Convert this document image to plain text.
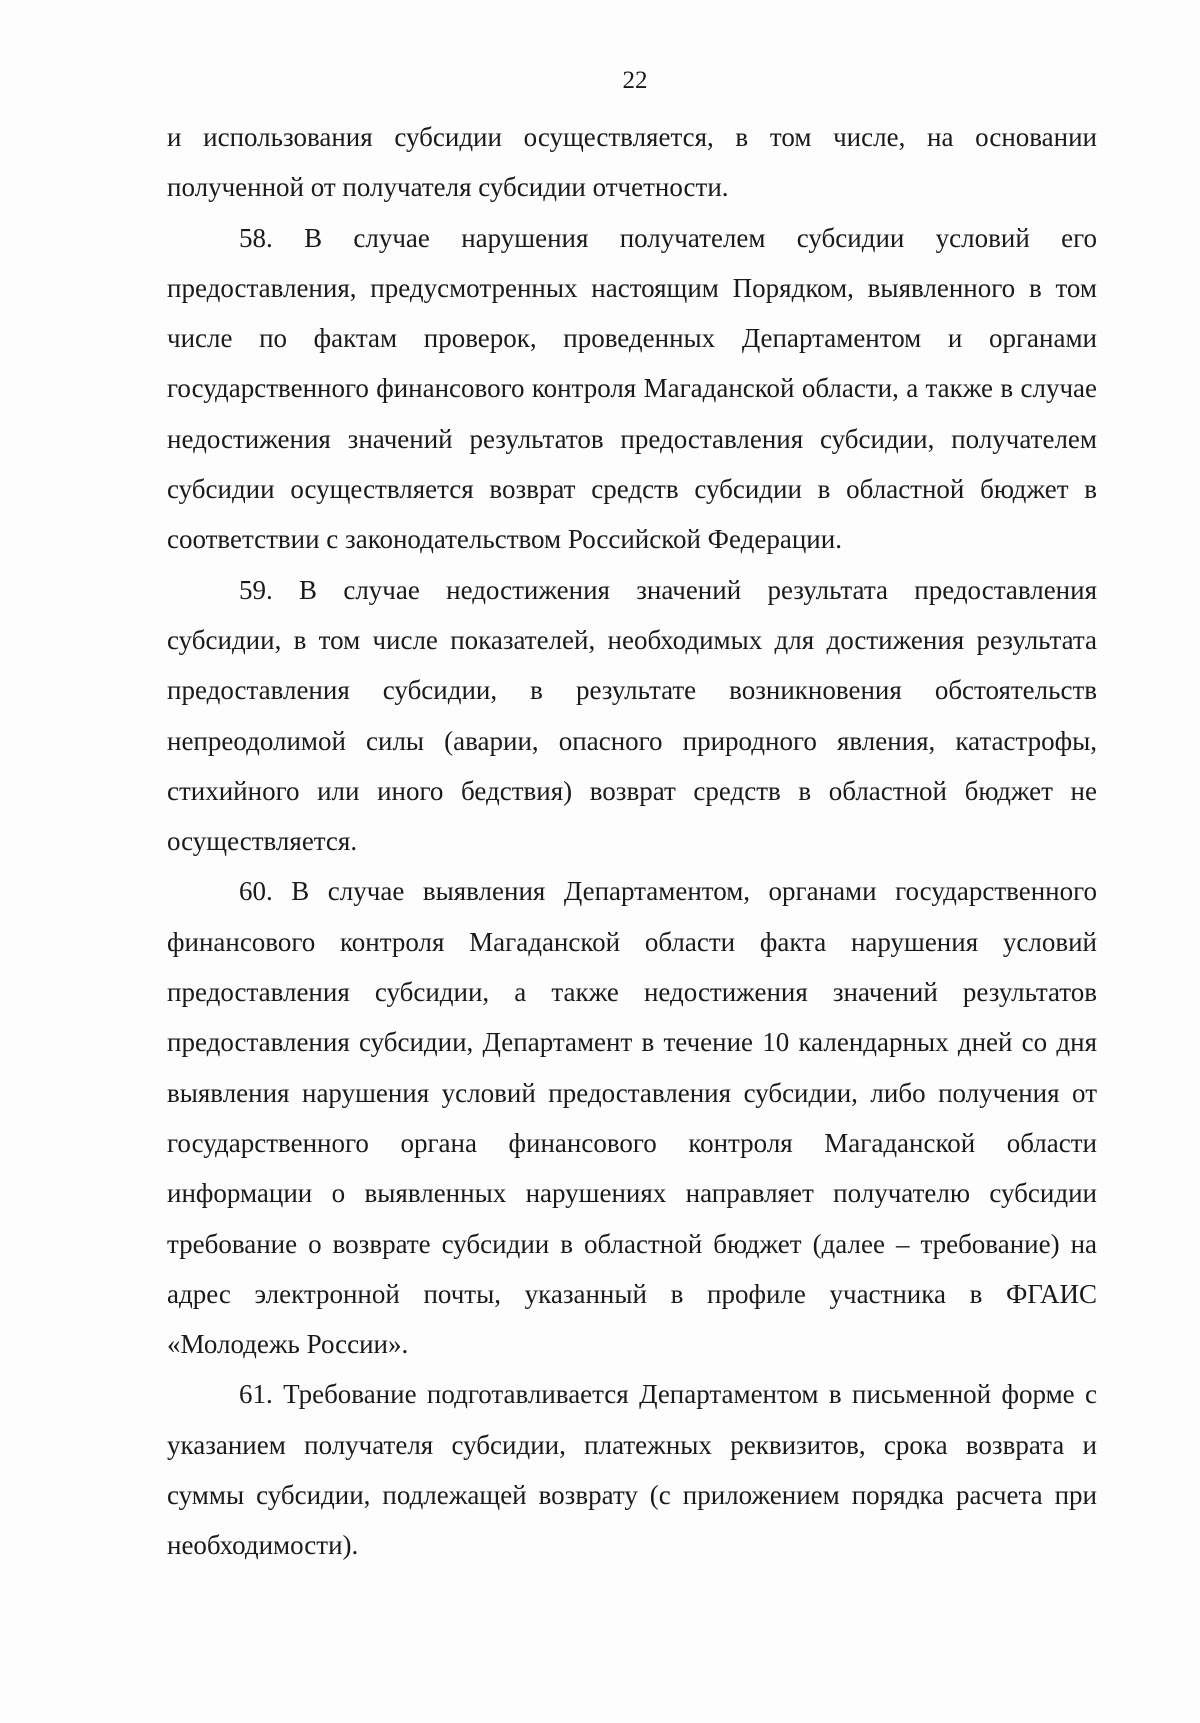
22

и использования субсидии осуществляется, в том числе, на основании полученной от получателя субсидии отчетности.

58. В случае нарушения получателем субсидии условий его предоставления, предусмотренных настоящим Порядком, выявленного в том числе по фактам проверок, проведенных Департаментом и органами государственного финансового контроля Магаданской области, а также в случае недостижения значений результатов предоставления субсидии, получателем субсидии осуществляется возврат средств субсидии в областной бюджет в соответствии с законодательством Российской Федерации.

59. В случае недостижения значений результата предоставления субсидии, в том числе показателей, необходимых для достижения результата предоставления субсидии, в результате возникновения обстоятельств непреодолимой силы (аварии, опасного природного явления, катастрофы, стихийного или иного бедствия) возврат средств в областной бюджет не осуществляется.

60. В случае выявления Департаментом, органами государственного финансового контроля Магаданской области факта нарушения условий предоставления субсидии, а также недостижения значений результатов предоставления субсидии, Департамент в течение 10 календарных дней со дня выявления нарушения условий предоставления субсидии, либо получения от государственного органа финансового контроля Магаданской области информации о выявленных нарушениях направляет получателю субсидии требование о возврате субсидии в областной бюджет (далее – требование) на адрес электронной почты, указанный в профиле участника в ФГАИС «Молодежь России».

61. Требование подготавливается Департаментом в письменной форме с указанием получателя субсидии, платежных реквизитов, срока возврата и суммы субсидии, подлежащей возврату (с приложением порядка расчета при необходимости).
